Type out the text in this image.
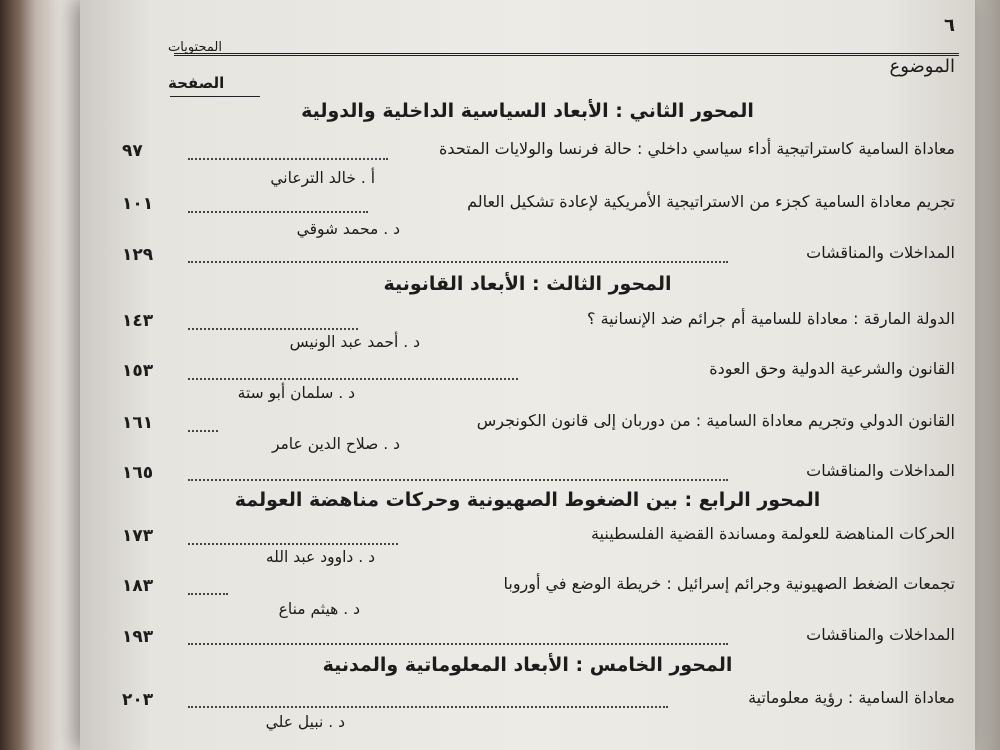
٦
المحتويات
الموضوع
الصفحة
المحور الثاني : الأبعاد السياسية الداخلية والدولية
معاداة السامية كاستراتيجية أداء سياسي داخلي : حالة فرنسا والولايات المتحدة
٩٧
أ . خالد الترعاني
تجريم معاداة السامية كجزء من الاستراتيجية الأمريكية لإعادة تشكيل العالم
١٠١
د . محمد شوقي
المداخلات والمناقشات
١٢٩
المحور الثالث : الأبعاد القانونية
الدولة المارقة : معاداة للسامية أم جرائم ضد الإنسانية ؟
١٤٣
د . أحمد عبد الونيس
القانون والشرعية الدولية وحق العودة
١٥٣
د . سلمان أبو ستة
القانون الدولي وتجريم معاداة السامية : من دوربان إلى قانون الكونجرس
١٦١
د . صلاح الدين عامر
المداخلات والمناقشات
١٦٥
المحور الرابع : بين الضغوط الصهيونية وحركات مناهضة العولمة
الحركات المناهضة للعولمة ومساندة القضية الفلسطينية
١٧٣
د . داوود عبد الله
تجمعات الضغط الصهيونية وجرائم إسرائيل : خريطة الوضع في أوروبا
١٨٣
د . هيثم مناع
المداخلات والمناقشات
١٩٣
المحور الخامس : الأبعاد المعلوماتية والمدنية
معاداة السامية : رؤية معلوماتية
٢٠٣
د . نبيل علي
